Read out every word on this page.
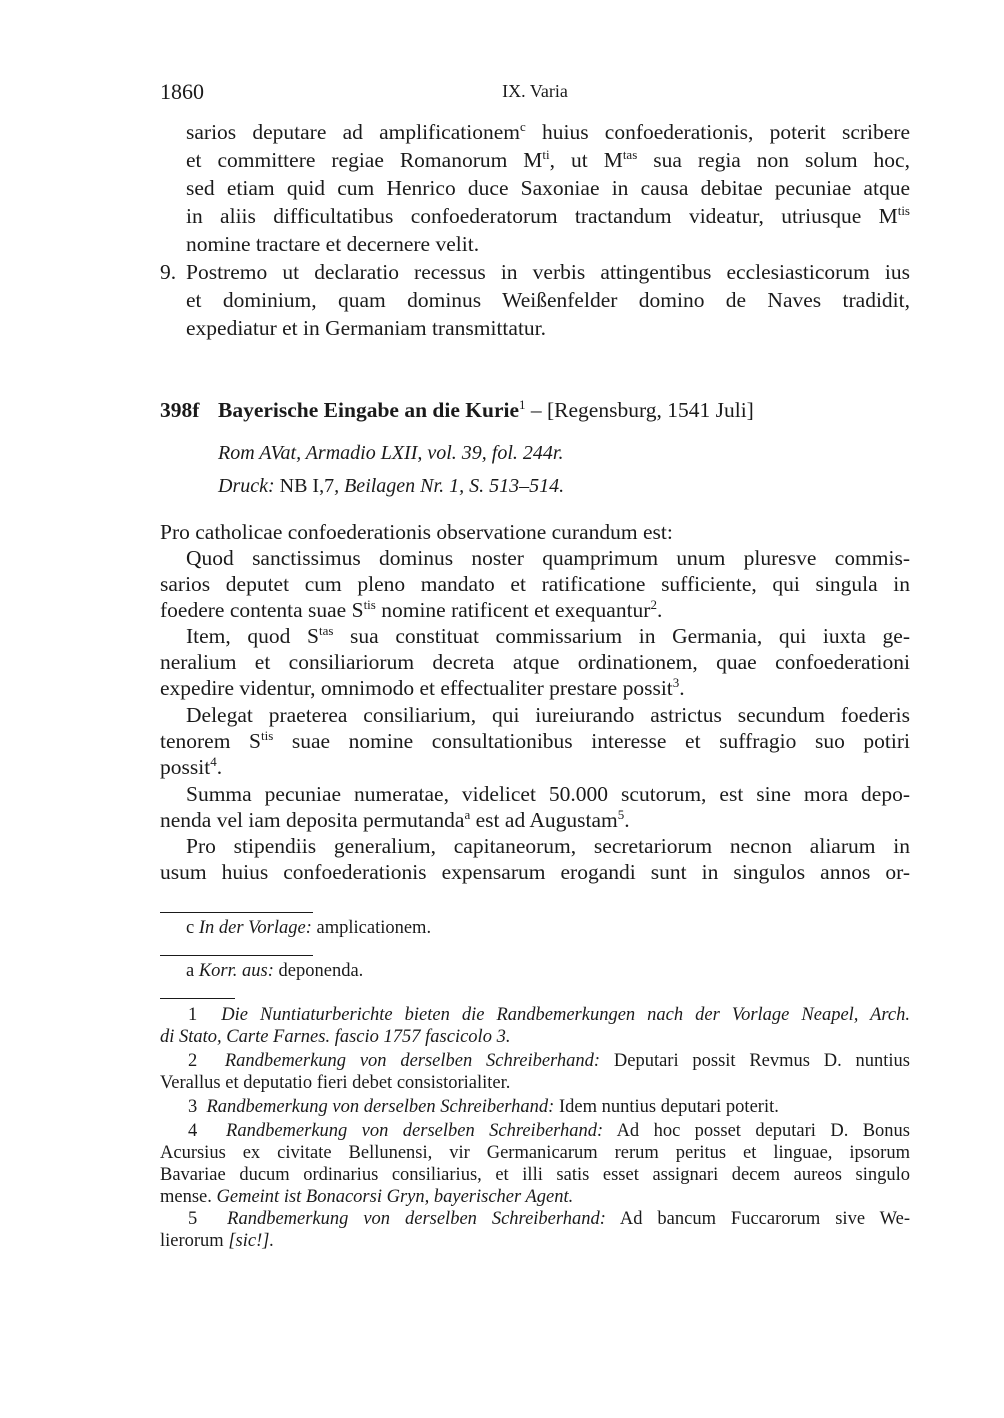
1860	IX. Varia
sarios deputare ad amplificationem$^c$ huius confoederationis, poterit scribere
et committere regiae Romanorum $M^{ti}$, ut $M^{tas}$ sua regia non solum hoc,
sed etiam quid cum Henrico duce Saxoniae in causa debitae pecuniae atque
in aliis difficultatibus confoederatorum tractandum videatur, utriusque $M^{tis}$
nomine tractare et decernere velit.
9. Postremo ut declaratio recessus in verbis attingentibus ecclesiasticorum ius
et dominium, quam dominus Weißenfelder domino de Naves tradidit,
expediatur et in Germaniam transmittatur.
398f Bayerische Eingabe an die Kurie$^1$ – [Regensburg, 1541 Juli]
Rom AVat, Armadio LXII, vol. 39, fol. 244r.
Druck: NB I,7, Beilagen Nr. 1, S. 513–514.
Pro catholicae confoederationis observatione curandum est:
Quod sanctissimus dominus noster quamprimum unum pluresve commis-
sarios deputet cum pleno mandato et ratificatione sufficiente, qui singula in
foedere contenta suae $S^{tis}$ nomine ratificent et exequantur$^2$.
Item, quod $S^{tas}$ sua constituat commissarium in Germania, qui iuxta ge-
neralium et consiliariorum decreta atque ordinationem, quae confoederationi
expedire videntur, omnimodo et effectualiter prestare possit$^3$.
Delegat praeterea consiliarium, qui iureiurando astrictus secundum foederis
tenorem $S^{tis}$ suae nomine consultationibus interesse et suffragio suo potiri
possit$^4$.
Summa pecuniae numeratae, videlicet 50.000 scutorum, est sine mora depo-
nenda vel iam deposita permutanda$^a$ est ad Augustam$^5$.
Pro stipendiis generalium, capitaneorum, secretariorum necnon aliarum in
usum huius confoederationis expensarum erogandi sunt in singulos annos or-
c In der Vorlage: amplicationem.
a Korr. aus: deponenda.
1 Die Nuntiaturberichte bieten die Randbemerkungen nach der Vorlage Neapel, Arch.
di Stato, Carte Farnes. fascio 1757 fascicolo 3.
2 Randbemerkung von derselben Schreiberhand: Deputari possit Revmus D. nuntius
Verallus et deputatio fieri debet consistorialiter.
3 Randbemerkung von derselben Schreiberhand: Idem nuntius deputari poterit.
4 Randbemerkung von derselben Schreiberhand: Ad hoc posset deputari D. Bonus
Acursius ex civitate Bellunensi, vir Germanicarum rerum peritus et linguae, ipsorum
Bavariae ducum ordinarius consiliarius, et illi satis esset assignari decem aureos singulo
mense. Gemeint ist Bonacorsi Gryn, bayerischer Agent.
5 Randbemerkung von derselben Schreiberhand: Ad bancum Fuccarorum sive We-
lierorum [sic!].
